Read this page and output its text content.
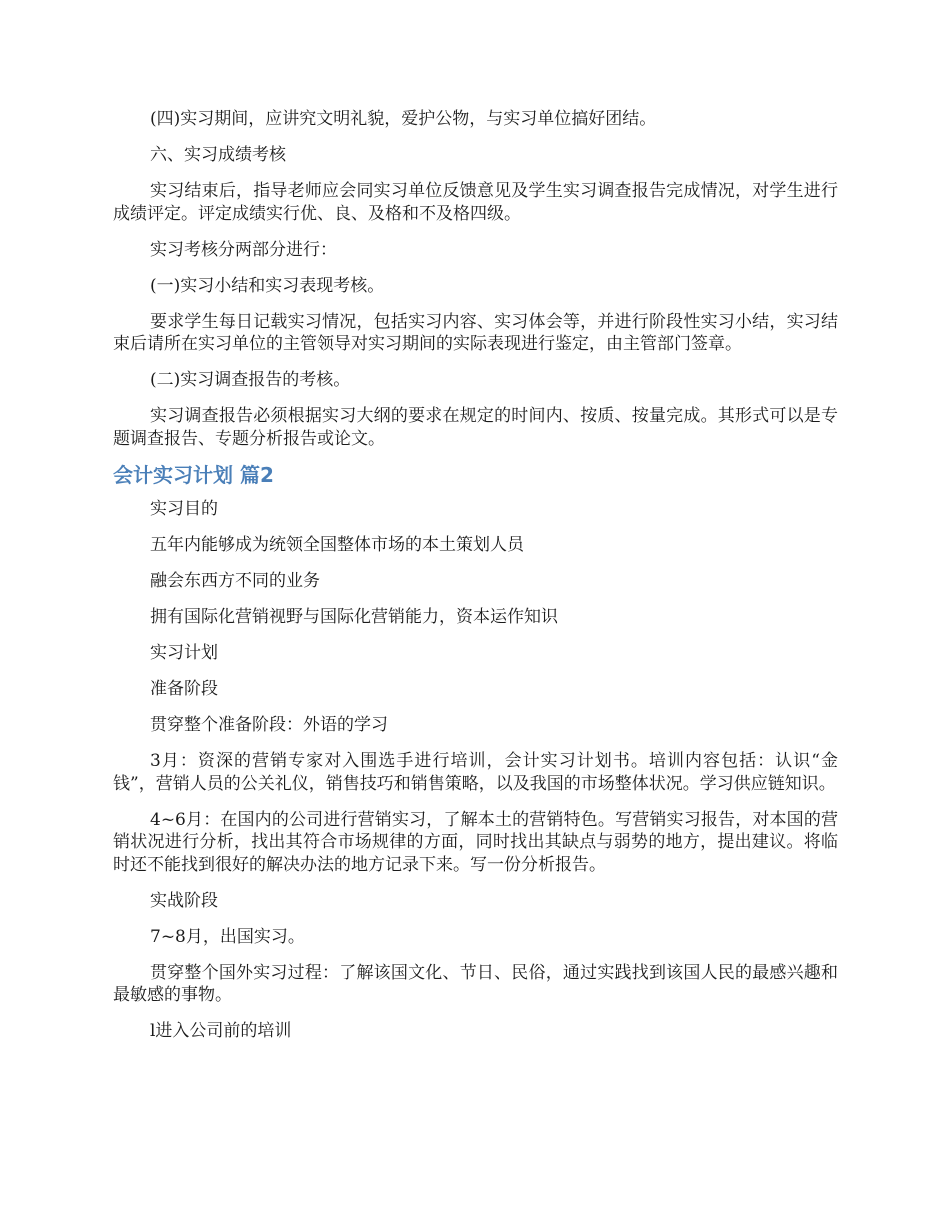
(四)实习期间，应讲究文明礼貌，爱护公物，与实习单位搞好团结。

六、实习成绩考核

实习结束后，指导老师应会同实习单位反馈意见及学生实习调查报告完成情况，对学生进行成绩评定。评定成绩实行优、良、及格和不及格四级。

实习考核分两部分进行：

(一)实习小结和实习表现考核。

要求学生每日记载实习情况，包括实习内容、实习体会等，并进行阶段性实习小结，实习结束后请所在实习单位的主管领导对实习期间的实际表现进行鉴定，由主管部门签章。

(二)实习调查报告的考核。

实习调查报告必须根据实习大纲的要求在规定的时间内、按质、按量完成。其形式可以是专题调查报告、专题分析报告或论文。

会计实习计划 篇2

实习目的

五年内能够成为统领全国整体市场的本土策划人员

融会东西方不同的业务

拥有国际化营销视野与国际化营销能力，资本运作知识

实习计划

准备阶段

贯穿整个准备阶段：外语的学习

3月：资深的营销专家对入围选手进行培训，会计实习计划书。培训内容包括：认识“金钱”，营销人员的公关礼仪，销售技巧和销售策略，以及我国的市场整体状况。学习供应链知识。

4~6月：在国内的公司进行营销实习，了解本土的营销特色。写营销实习报告，对本国的营销状况进行分析，找出其符合市场规律的方面，同时找出其缺点与弱势的地方，提出建议。将临时还不能找到很好的解决办法的地方记录下来。写一份分析报告。

实战阶段

7~8月，出国实习。

贯穿整个国外实习过程：了解该国文化、节日、民俗，通过实践找到该国人民的最感兴趣和最敏感的事物。

l进入公司前的培训
